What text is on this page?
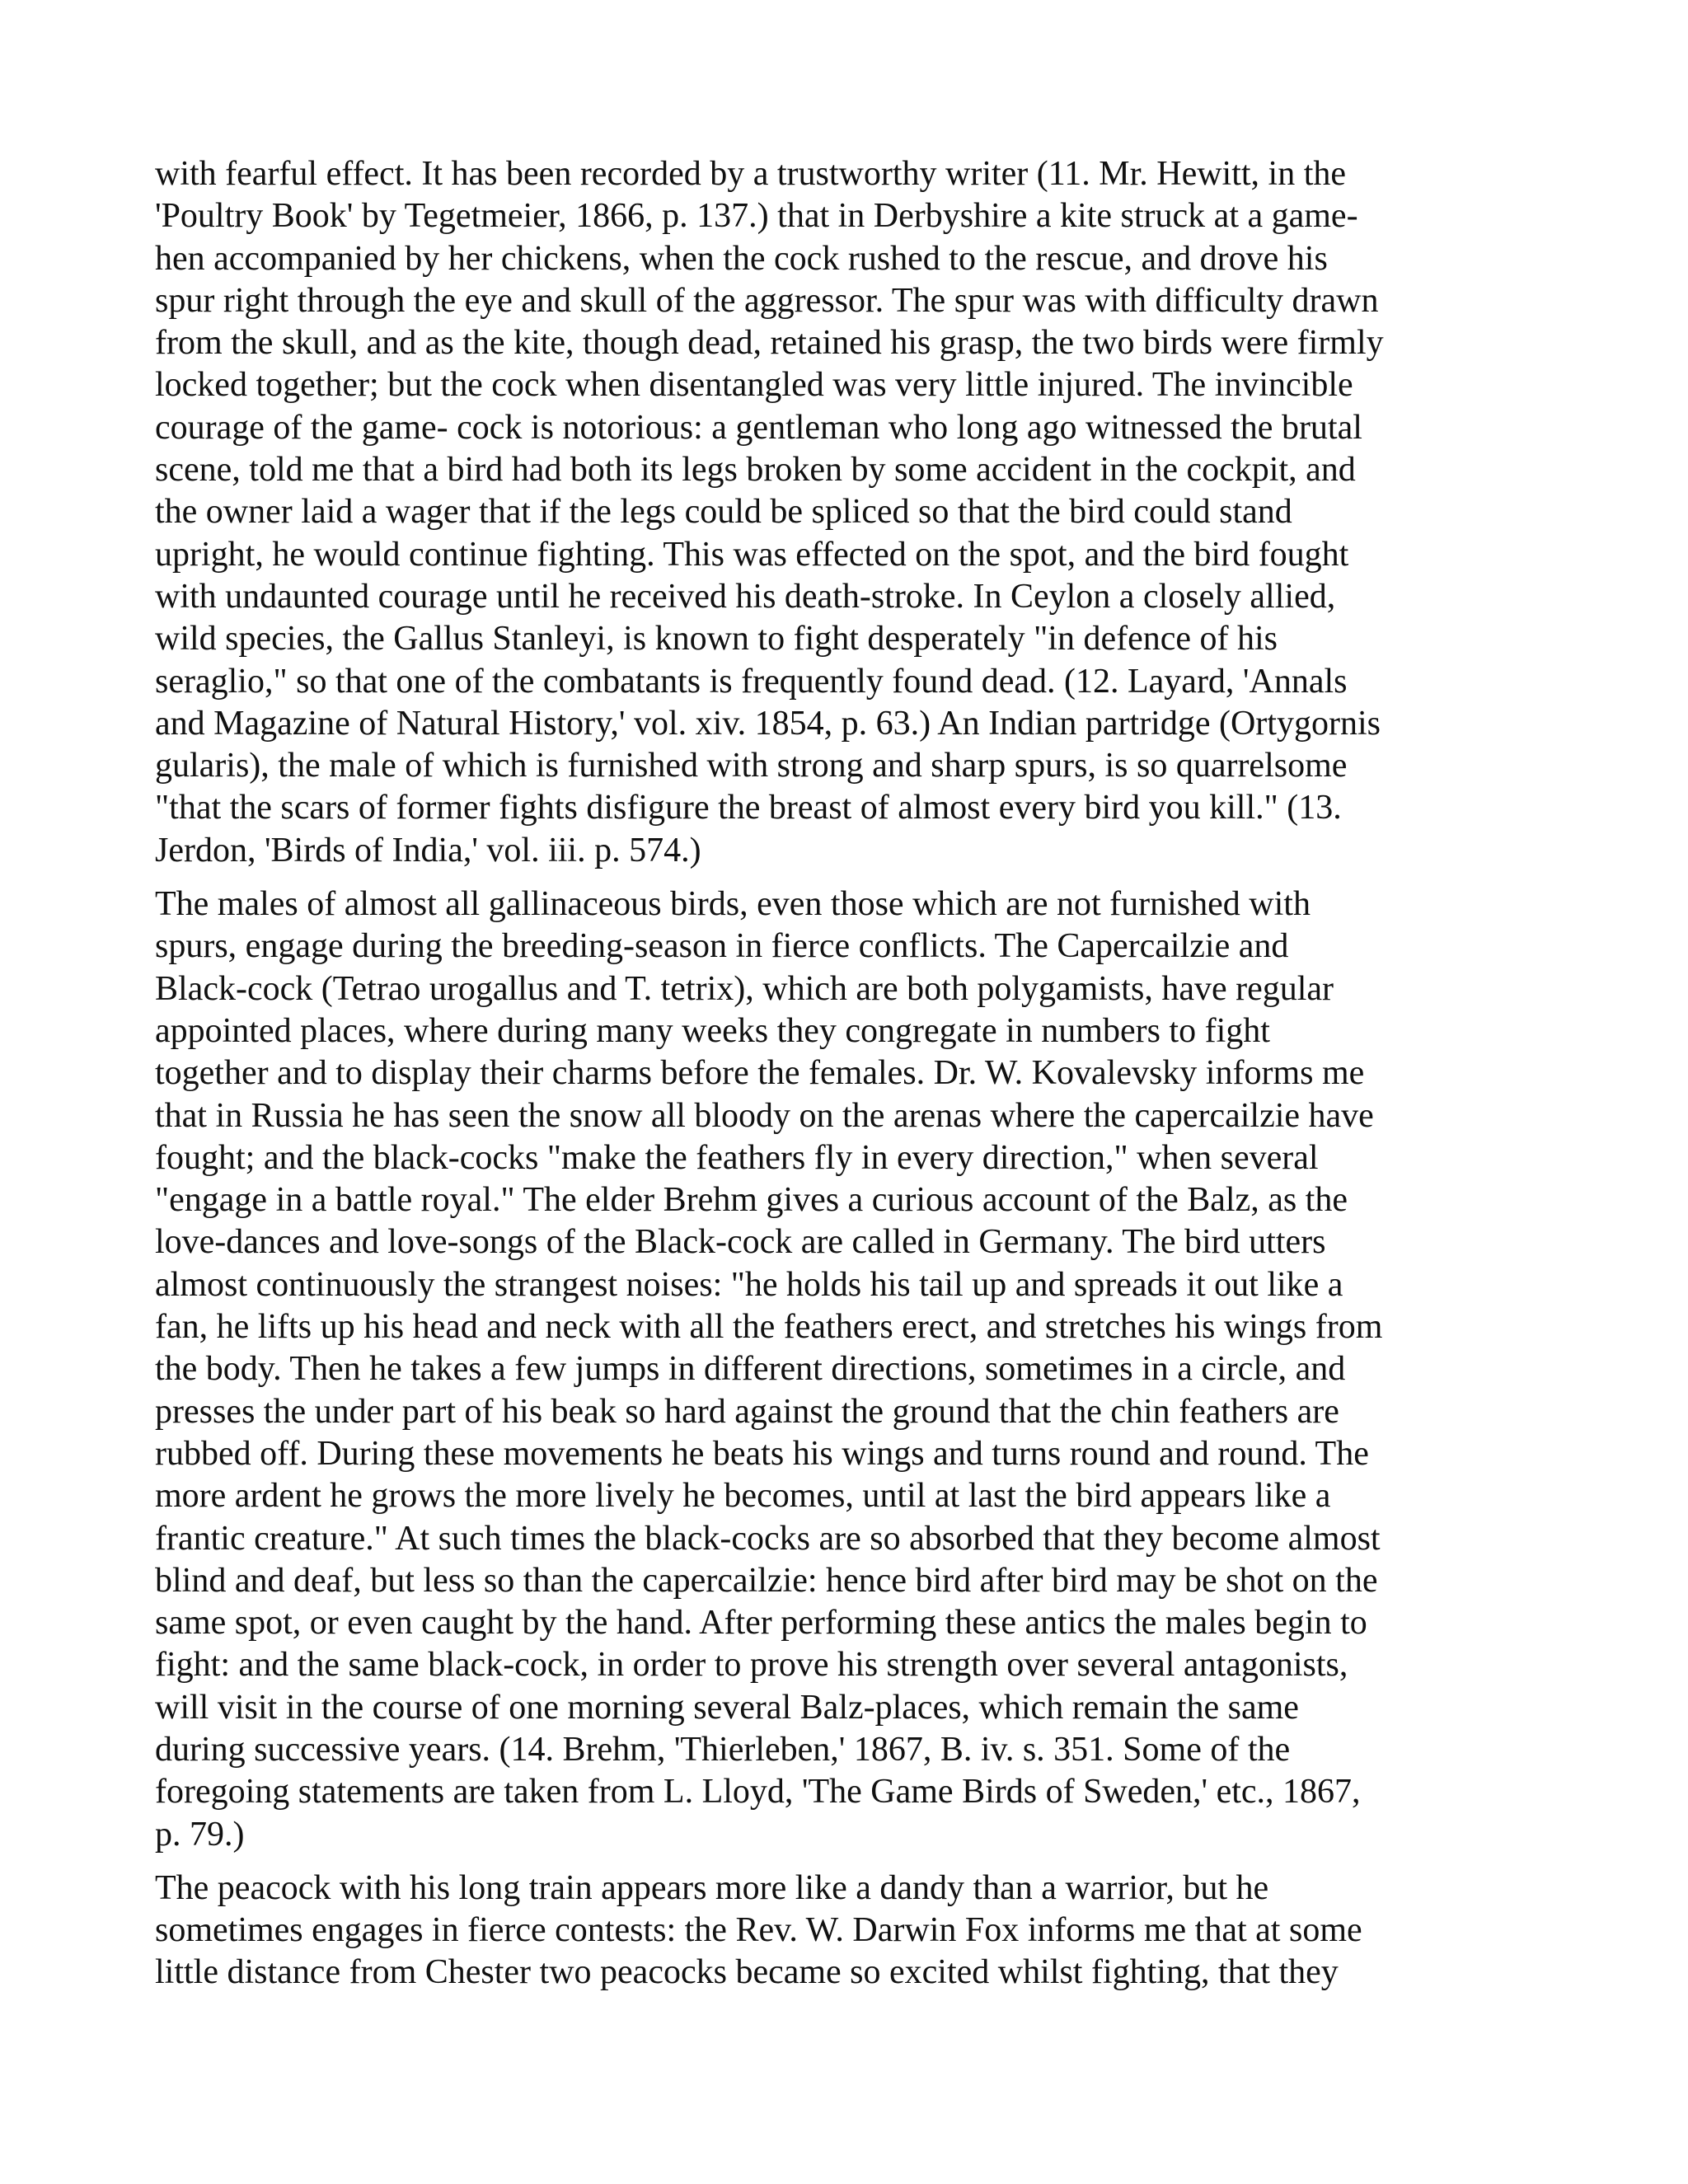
with fearful effect. It has been recorded by a trustworthy writer (11. Mr. Hewitt, in the
'Poultry Book' by Tegetmeier, 1866, p. 137.) that in Derbyshire a kite struck at a game-
hen accompanied by her chickens, when the cock rushed to the rescue, and drove his
spur right through the eye and skull of the aggressor. The spur was with difficulty drawn
from the skull, and as the kite, though dead, retained his grasp, the two birds were firmly
locked together; but the cock when disentangled was very little injured. The invincible
courage of the game- cock is notorious: a gentleman who long ago witnessed the brutal
scene, told me that a bird had both its legs broken by some accident in the cockpit, and
the owner laid a wager that if the legs could be spliced so that the bird could stand
upright, he would continue fighting. This was effected on the spot, and the bird fought
with undaunted courage until he received his death-stroke. In Ceylon a closely allied,
wild species, the Gallus Stanleyi, is known to fight desperately "in defence of his
seraglio," so that one of the combatants is frequently found dead. (12. Layard, 'Annals
and Magazine of Natural History,' vol. xiv. 1854, p. 63.) An Indian partridge (Ortygornis
gularis), the male of which is furnished with strong and sharp spurs, is so quarrelsome
"that the scars of former fights disfigure the breast of almost every bird you kill." (13.
Jerdon, 'Birds of India,' vol. iii. p. 574.)

The males of almost all gallinaceous birds, even those which are not furnished with
spurs, engage during the breeding-season in fierce conflicts. The Capercailzie and
Black-cock (Tetrao urogallus and T. tetrix), which are both polygamists, have regular
appointed places, where during many weeks they congregate in numbers to fight
together and to display their charms before the females. Dr. W. Kovalevsky informs me
that in Russia he has seen the snow all bloody on the arenas where the capercailzie have
fought; and the black-cocks "make the feathers fly in every direction," when several
"engage in a battle royal." The elder Brehm gives a curious account of the Balz, as the
love-dances and love-songs of the Black-cock are called in Germany. The bird utters
almost continuously the strangest noises: "he holds his tail up and spreads it out like a
fan, he lifts up his head and neck with all the feathers erect, and stretches his wings from
the body. Then he takes a few jumps in different directions, sometimes in a circle, and
presses the under part of his beak so hard against the ground that the chin feathers are
rubbed off. During these movements he beats his wings and turns round and round. The
more ardent he grows the more lively he becomes, until at last the bird appears like a
frantic creature." At such times the black-cocks are so absorbed that they become almost
blind and deaf, but less so than the capercailzie: hence bird after bird may be shot on the
same spot, or even caught by the hand. After performing these antics the males begin to
fight: and the same black-cock, in order to prove his strength over several antagonists,
will visit in the course of one morning several Balz-places, which remain the same
during successive years. (14. Brehm, 'Thierleben,' 1867, B. iv. s. 351. Some of the
foregoing statements are taken from L. Lloyd, 'The Game Birds of Sweden,' etc., 1867,
p. 79.)

The peacock with his long train appears more like a dandy than a warrior, but he
sometimes engages in fierce contests: the Rev. W. Darwin Fox informs me that at some
little distance from Chester two peacocks became so excited whilst fighting, that they
